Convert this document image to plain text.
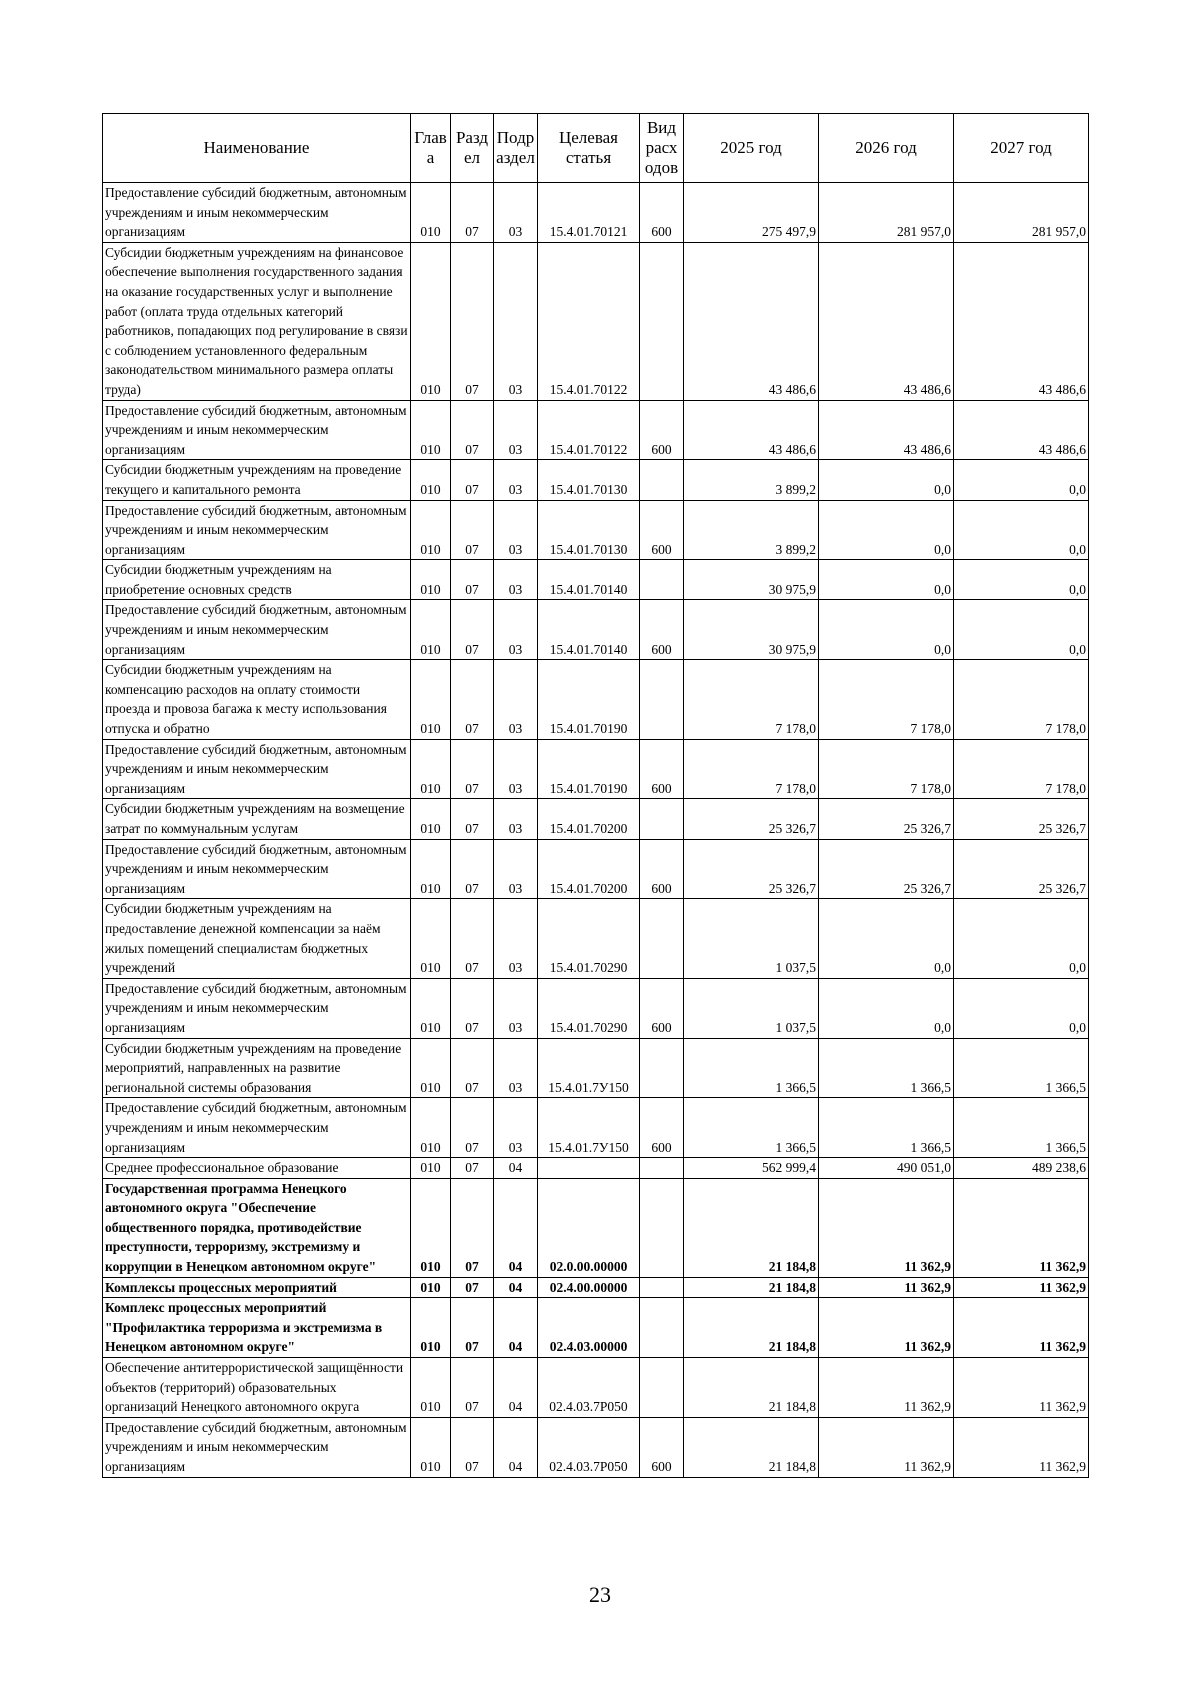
Наименование	Глав а	Разд ел	Подр аздел	Целевая статья	Вид расх одов	2025 год	2026 год	2027 год
Предоставление субсидий бюджетным, автономным учреждениям и иным некоммерческим организациям	010	07	03	15.4.01.70121	600	275 497,9	281 957,0	281 957,0
Субсидии бюджетным учреждениям на финансовое обеспечение выполнения государственного задания на оказание государственных услуг и выполнение работ (оплата труда отдельных категорий работников, попадающих под регулирование в связи с соблюдением установленного федеральным законодательством минимального размера оплаты труда)	010	07	03	15.4.01.70122		43 486,6	43 486,6	43 486,6
Предоставление субсидий бюджетным, автономным учреждениям и иным некоммерческим организациям	010	07	03	15.4.01.70122	600	43 486,6	43 486,6	43 486,6
Субсидии бюджетным учреждениям на проведение текущего и капитального ремонта	010	07	03	15.4.01.70130		3 899,2	0,0	0,0
Предоставление субсидий бюджетным, автономным учреждениям и иным некоммерческим организациям	010	07	03	15.4.01.70130	600	3 899,2	0,0	0,0
Субсидии бюджетным учреждениям на приобретение основных средств	010	07	03	15.4.01.70140		30 975,9	0,0	0,0
Предоставление субсидий бюджетным, автономным учреждениям и иным некоммерческим организациям	010	07	03	15.4.01.70140	600	30 975,9	0,0	0,0
Субсидии бюджетным учреждениям на компенсацию расходов на оплату стоимости проезда и провоза багажа к месту использования отпуска и обратно	010	07	03	15.4.01.70190		7 178,0	7 178,0	7 178,0
Предоставление субсидий бюджетным, автономным учреждениям и иным некоммерческим организациям	010	07	03	15.4.01.70190	600	7 178,0	7 178,0	7 178,0
Субсидии бюджетным учреждениям на возмещение затрат по коммунальным услугам	010	07	03	15.4.01.70200		25 326,7	25 326,7	25 326,7
Предоставление субсидий бюджетным, автономным учреждениям и иным некоммерческим организациям	010	07	03	15.4.01.70200	600	25 326,7	25 326,7	25 326,7
Субсидии бюджетным учреждениям на предоставление денежной компенсации за наём жилых помещений специалистам бюджетных учреждений	010	07	03	15.4.01.70290		1 037,5	0,0	0,0
Предоставление субсидий бюджетным, автономным учреждениям и иным некоммерческим организациям	010	07	03	15.4.01.70290	600	1 037,5	0,0	0,0
Субсидии бюджетным учреждениям на проведение мероприятий, направленных на развитие региональной системы образования	010	07	03	15.4.01.7У150		1 366,5	1 366,5	1 366,5
Предоставление субсидий бюджетным, автономным учреждениям и иным некоммерческим организациям	010	07	03	15.4.01.7У150	600	1 366,5	1 366,5	1 366,5
Среднее профессиональное образование	010	07	04			562 999,4	490 051,0	489 238,6
Государственная программа Ненецкого автономного округа "Обеспечение общественного порядка, противодействие преступности, терроризму, экстремизму и коррупции в Ненецком автономном округе"	010	07	04	02.0.00.00000		21 184,8	11 362,9	11 362,9
Комплексы процессных мероприятий	010	07	04	02.4.00.00000		21 184,8	11 362,9	11 362,9
Комплекс процессных мероприятий "Профилактика терроризма и экстремизма в Ненецком автономном округе"	010	07	04	02.4.03.00000		21 184,8	11 362,9	11 362,9
Обеспечение антитеррористической защищённости объектов (территорий) образовательных организаций Ненецкого автономного округа	010	07	04	02.4.03.7Р050		21 184,8	11 362,9	11 362,9
Предоставление субсидий бюджетным, автономным учреждениям и иным некоммерческим организациям	010	07	04	02.4.03.7Р050	600	21 184,8	11 362,9	11 362,9
23
